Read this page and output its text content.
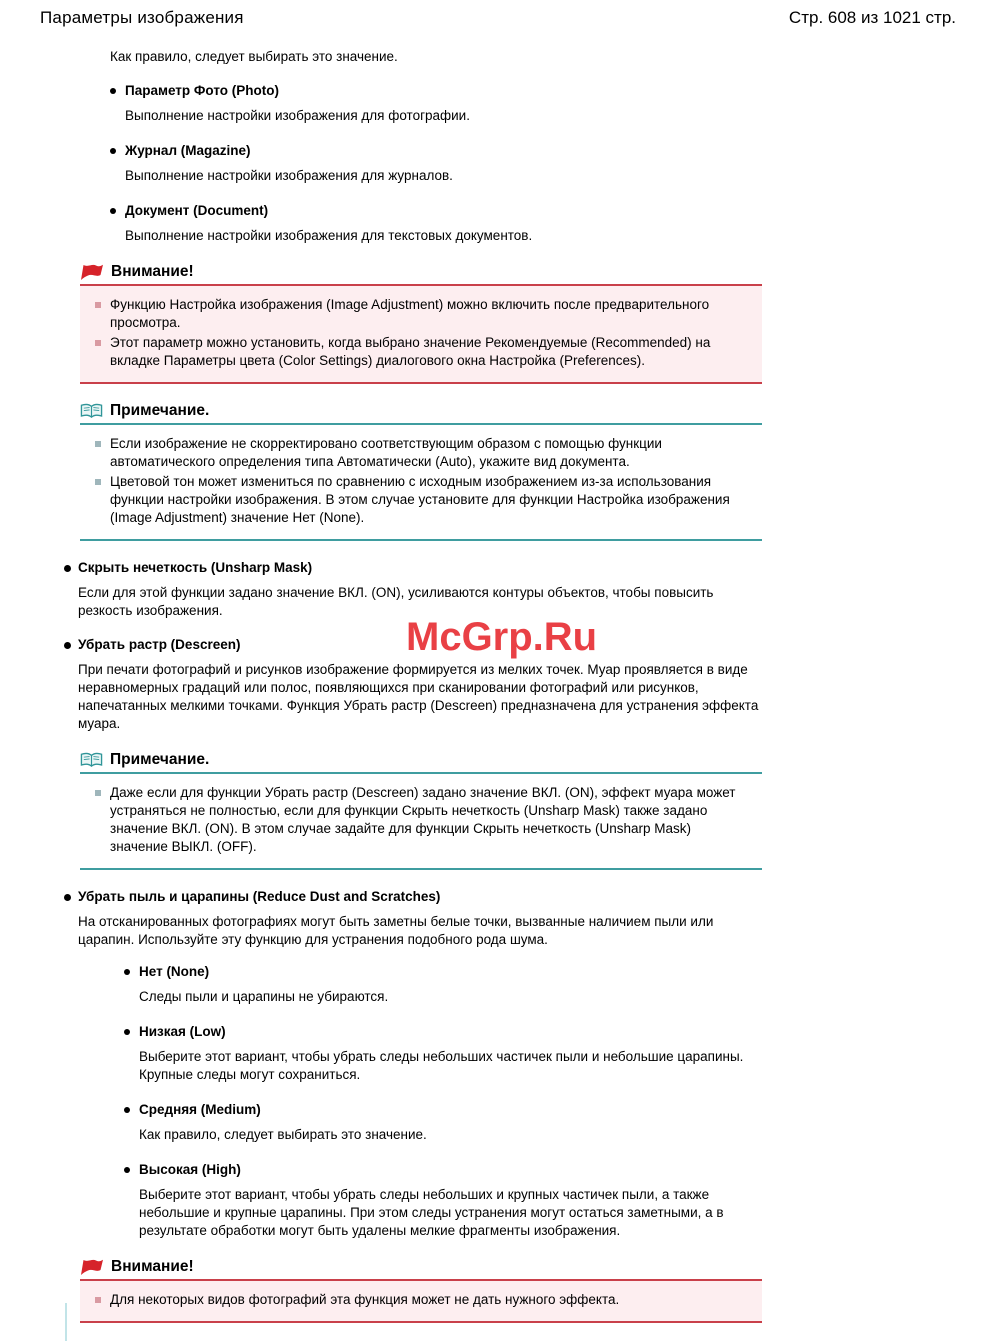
Параметры изображения	Стр. 608 из 1021 стр.

Как правило, следует выбирать это значение.

Параметр Фото (Photo)

Выполнение настройки изображения для фотографии.

Журнал (Magazine)

Выполнение настройки изображения для журналов.

Документ (Document)

Выполнение настройки изображения для текстовых документов.

Внимание!
Функцию Настройка изображения (Image Adjustment) можно включить после предварительного просмотра.
Этот параметр можно установить, когда выбрано значение Рекомендуемые (Recommended) на вкладке Параметры цвета (Color Settings) диалогового окна Настройка (Preferences).
Примечание.
Если изображение не скорректировано соответствующим образом с помощью функции автоматического определения типа Автоматически (Auto), укажите вид документа.
Цветовой тон может измениться по сравнению с исходным изображением из-за использования функции настройки изображения. В этом случае установите для функции Настройка изображения (Image Adjustment) значение Нет (None).
Скрыть нечеткость (Unsharp Mask)

Если для этой функции задано значение ВКЛ. (ON), усиливаются контуры объектов, чтобы повысить резкость изображения.

Убрать растр (Descreen)

При печати фотографий и рисунков изображение формируется из мелких точек. Муар проявляется в виде неравномерных градаций или полос, появляющихся при сканировании фотографий или рисунков, напечатанных мелкими точками. Функция Убрать растр (Descreen) предназначена для устранения эффекта муара.

Примечание.
Даже если для функции Убрать растр (Descreen) задано значение ВКЛ. (ON), эффект муара может устраняться не полностью, если для функции Скрыть нечеткость (Unsharp Mask) также задано значение ВКЛ. (ON). В этом случае задайте для функции Скрыть нечеткость (Unsharp Mask) значение ВЫКЛ. (OFF).
Убрать пыль и царапины (Reduce Dust and Scratches)

На отсканированных фотографиях могут быть заметны белые точки, вызванные наличием пыли или царапин. Используйте эту функцию для устранения подобного рода шума.

Нет (None)

Следы пыли и царапины не убираются.

Низкая (Low)

Выберите этот вариант, чтобы убрать следы небольших частичек пыли и небольшие царапины. Крупные следы могут сохраниться.

Средняя (Medium)

Как правило, следует выбирать это значение.

Высокая (High)

Выберите этот вариант, чтобы убрать следы небольших и крупных частичек пыли, а также небольшие и крупные царапины. При этом следы устранения могут остаться заметными, а в результате обработки могут быть удалены мелкие фрагменты изображения.

Внимание!
Для некоторых видов фотографий эта функция может не дать нужного эффекта.
McGrp.Ru
